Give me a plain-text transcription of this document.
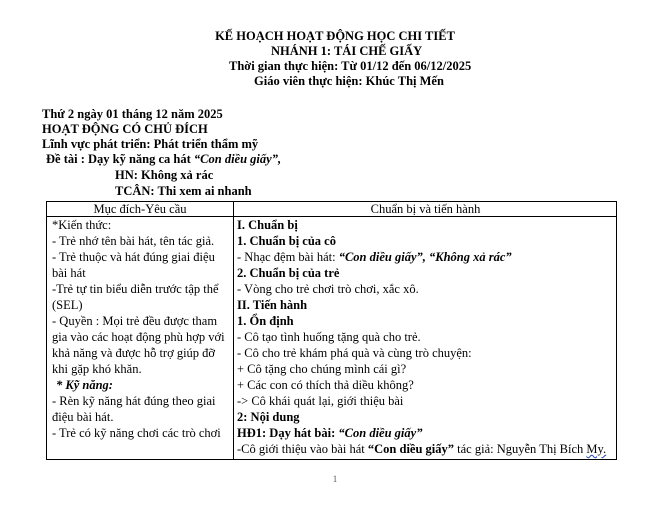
KẾ HOẠCH HOẠT ĐỘNG HỌC CHI TIẾT
NHÁNH 1: TÁI CHẾ GIẤY
Thời gian thực hiện: Từ 01/12 đến 06/12/2025
Giáo viên thực hiện: Khúc Thị Mến
Thứ 2 ngày 01 tháng 12 năm 2025
HOẠT ĐỘNG CÓ CHỦ ĐÍCH
Lĩnh vực phát triển: Phát triển thẩm mỹ
Đề tài : Dạy kỹ năng ca hát “Con diều giấy”,
HN: Không xả rác
TCÂN: Thi xem ai nhanh
Mục đích-Yêu cầu	Chuẩn bị và tiến hành
*Kiến thức:
- Trẻ nhớ tên bài hát, tên tác giả.
- Trẻ thuộc và hát đúng giai điệu
bài hát
-Trẻ tự tin biểu diễn trước tập thể
(SEL)
- Quyền : Mọi trẻ đều được tham
gia vào các hoạt động phù hợp với
khả năng và được hỗ trợ giúp đỡ
khi gặp khó khăn.
* Kỹ năng:
- Rèn kỹ năng hát đúng theo giai
điệu bài hát.
- Trẻ có kỹ năng chơi các trò chơi
I. Chuẩn bị
1. Chuẩn bị của cô
- Nhạc đệm bài hát: “Con diều giấy”, “Không xả rác”
2. Chuẩn bị của trẻ
- Vòng cho trẻ chơi trò chơi, xắc xô.
II. Tiến hành
1. Ổn định
- Cô tạo tình huống tặng quà cho trẻ.
- Cô cho trẻ khám phá quà và cùng trò chuyện:
+ Cô tặng cho chúng mình cái gì?
+ Các con có thích thả diều không?
-> Cô khái quát lại, giới thiệu bài
2: Nội dung
HĐ1: Dạy hát bài: “Con diều giấy”
-Cô giới thiệu vào bài hát “Con diều giấy” tác giả: Nguyễn Thị Bích My.
1
